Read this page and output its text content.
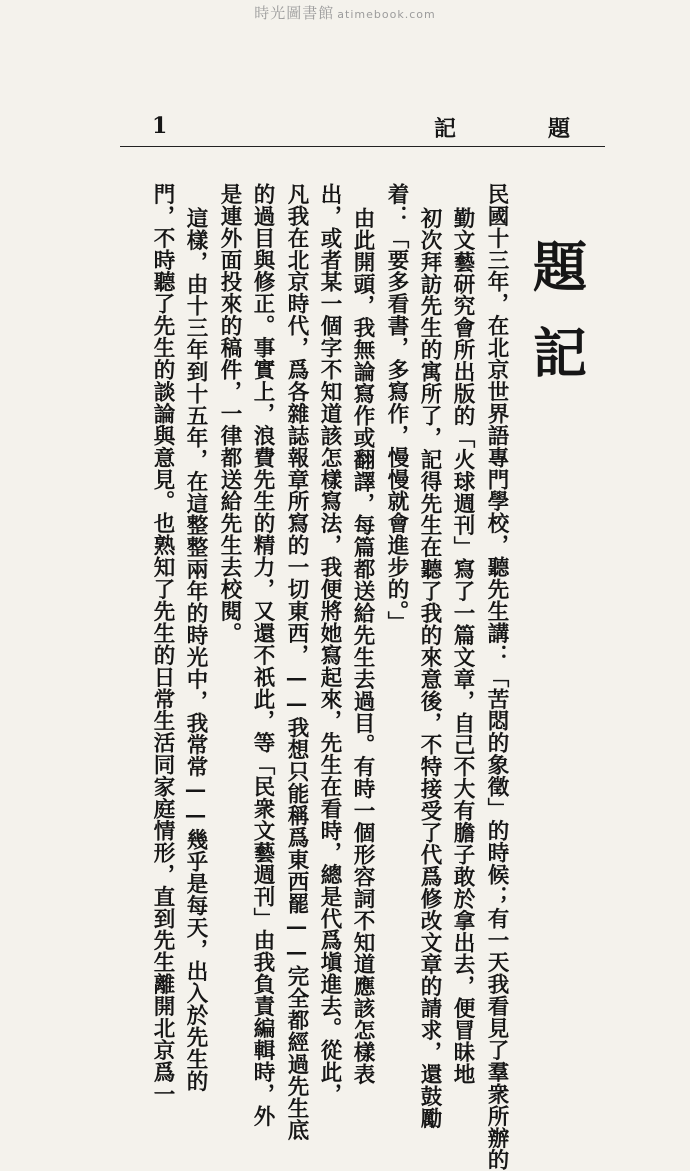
時光圖書館 atimebook.com
1	記	題
題
記
民國十三年，在北京世界語專門學校，聽先生講：「苦悶的象徵」的時候；有一天我看見了羣衆所辦的
勤文藝研究會所出版的「火球週刊」寫了一篇文章，自己不大有膽子敢於拿出去，便冒昧地
初次拜訪先生的寓所了，記得先生在聽了我的來意後，不特接受了代爲修改文章的請求，還鼓勵
着：「要多看書，多寫作，慢慢就會進步的。」
由此開頭，我無論寫作或翻譯，每篇都送給先生去過目。有時一個形容詞不知道應該怎樣表
出，或者某一個字不知道該怎樣寫法，我便將她寫起來，先生在看時，總是代爲塡進去。從此，
凡我在北京時代，爲各雜誌報章所寫的一切東西，——我想只能稱爲東西罷——完全都經過先生底
的過目與修正。事實上，浪費先生的精力，又還不祇此，等「民衆文藝週刊」由我負責編輯時，外
是連外面投來的稿件，一律都送給先生去校閱。
這樣，由十三年到十五年，在這整整兩年的時光中，我常常——幾乎是每天，出入於先生的
門，不時聽了先生的談論與意見。也熟知了先生的日常生活同家庭情形，直到先生離開北京爲一
